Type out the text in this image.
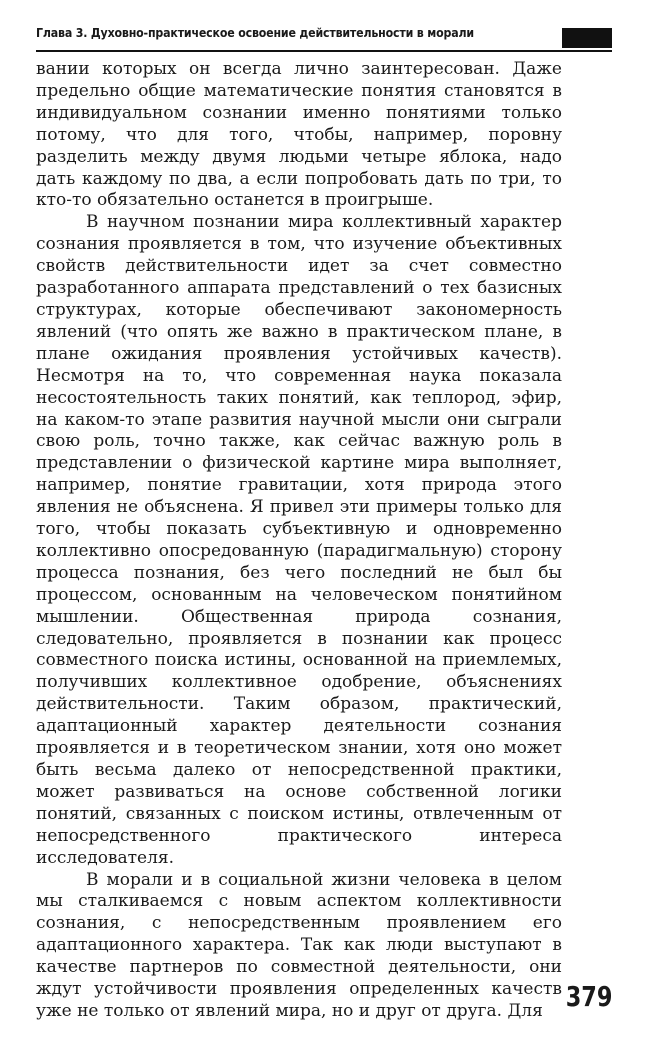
Глава 3. Духовно-практическое освоение действительности в морали

вании которых он всегда лично заинтересован. Даже предельно общие математические понятия становятся в индивидуальном сознании именно понятиями только потому, что для того, чтобы, например, поровну разделить между двумя людьми четыре яблока, надо дать каждому по два, а если попробовать дать по три, то кто-то обязательно останется в проигрыше.

В научном познании мира коллективный характер сознания проявляется в том, что изучение объективных свойств действительности идет за счет совместно разработанного аппарата представлений о тех базисных структурах, которые обеспечивают закономерность явлений (что опять же важно в практическом плане, в плане ожидания проявления устойчивых качеств). Несмотря на то, что современная наука показала несостоятельность таких понятий, как теплород, эфир, на каком-то этапе развития научной мысли они сыграли свою роль, точно также, как сейчас важную роль в представлении о физической картине мира выполняет, например, понятие гравитации, хотя природа этого явления не объяснена. Я привел эти примеры только для того, чтобы показать субъективную и одновременно коллективно опосредованную (парадигмальную) сторону процесса познания, без чего последний не был бы процессом, основанным на человеческом понятийном мышлении. Общественная природа сознания, следовательно, проявляется в познании как процесс совместного поиска истины, основанной на приемлемых, получивших коллективное одобрение, объяснениях действительности. Таким образом, практический, адаптационный характер деятельности сознания проявляется и в теоретическом знании, хотя оно может быть весьма далеко от непосредственной практики, может развиваться на основе собственной логики понятий, связанных с поиском истины, отвлеченным от непосредственного практического интереса исследователя.

В морали и в социальной жизни человека в целом мы сталкиваемся с новым аспектом коллективности сознания, с непосредственным проявлением его адаптационного характера. Так как люди выступают в качестве партнеров по совместной деятельности, они ждут устойчивости проявления определенных качеств уже не только от явлений мира, но и друг от друга. Для 379
